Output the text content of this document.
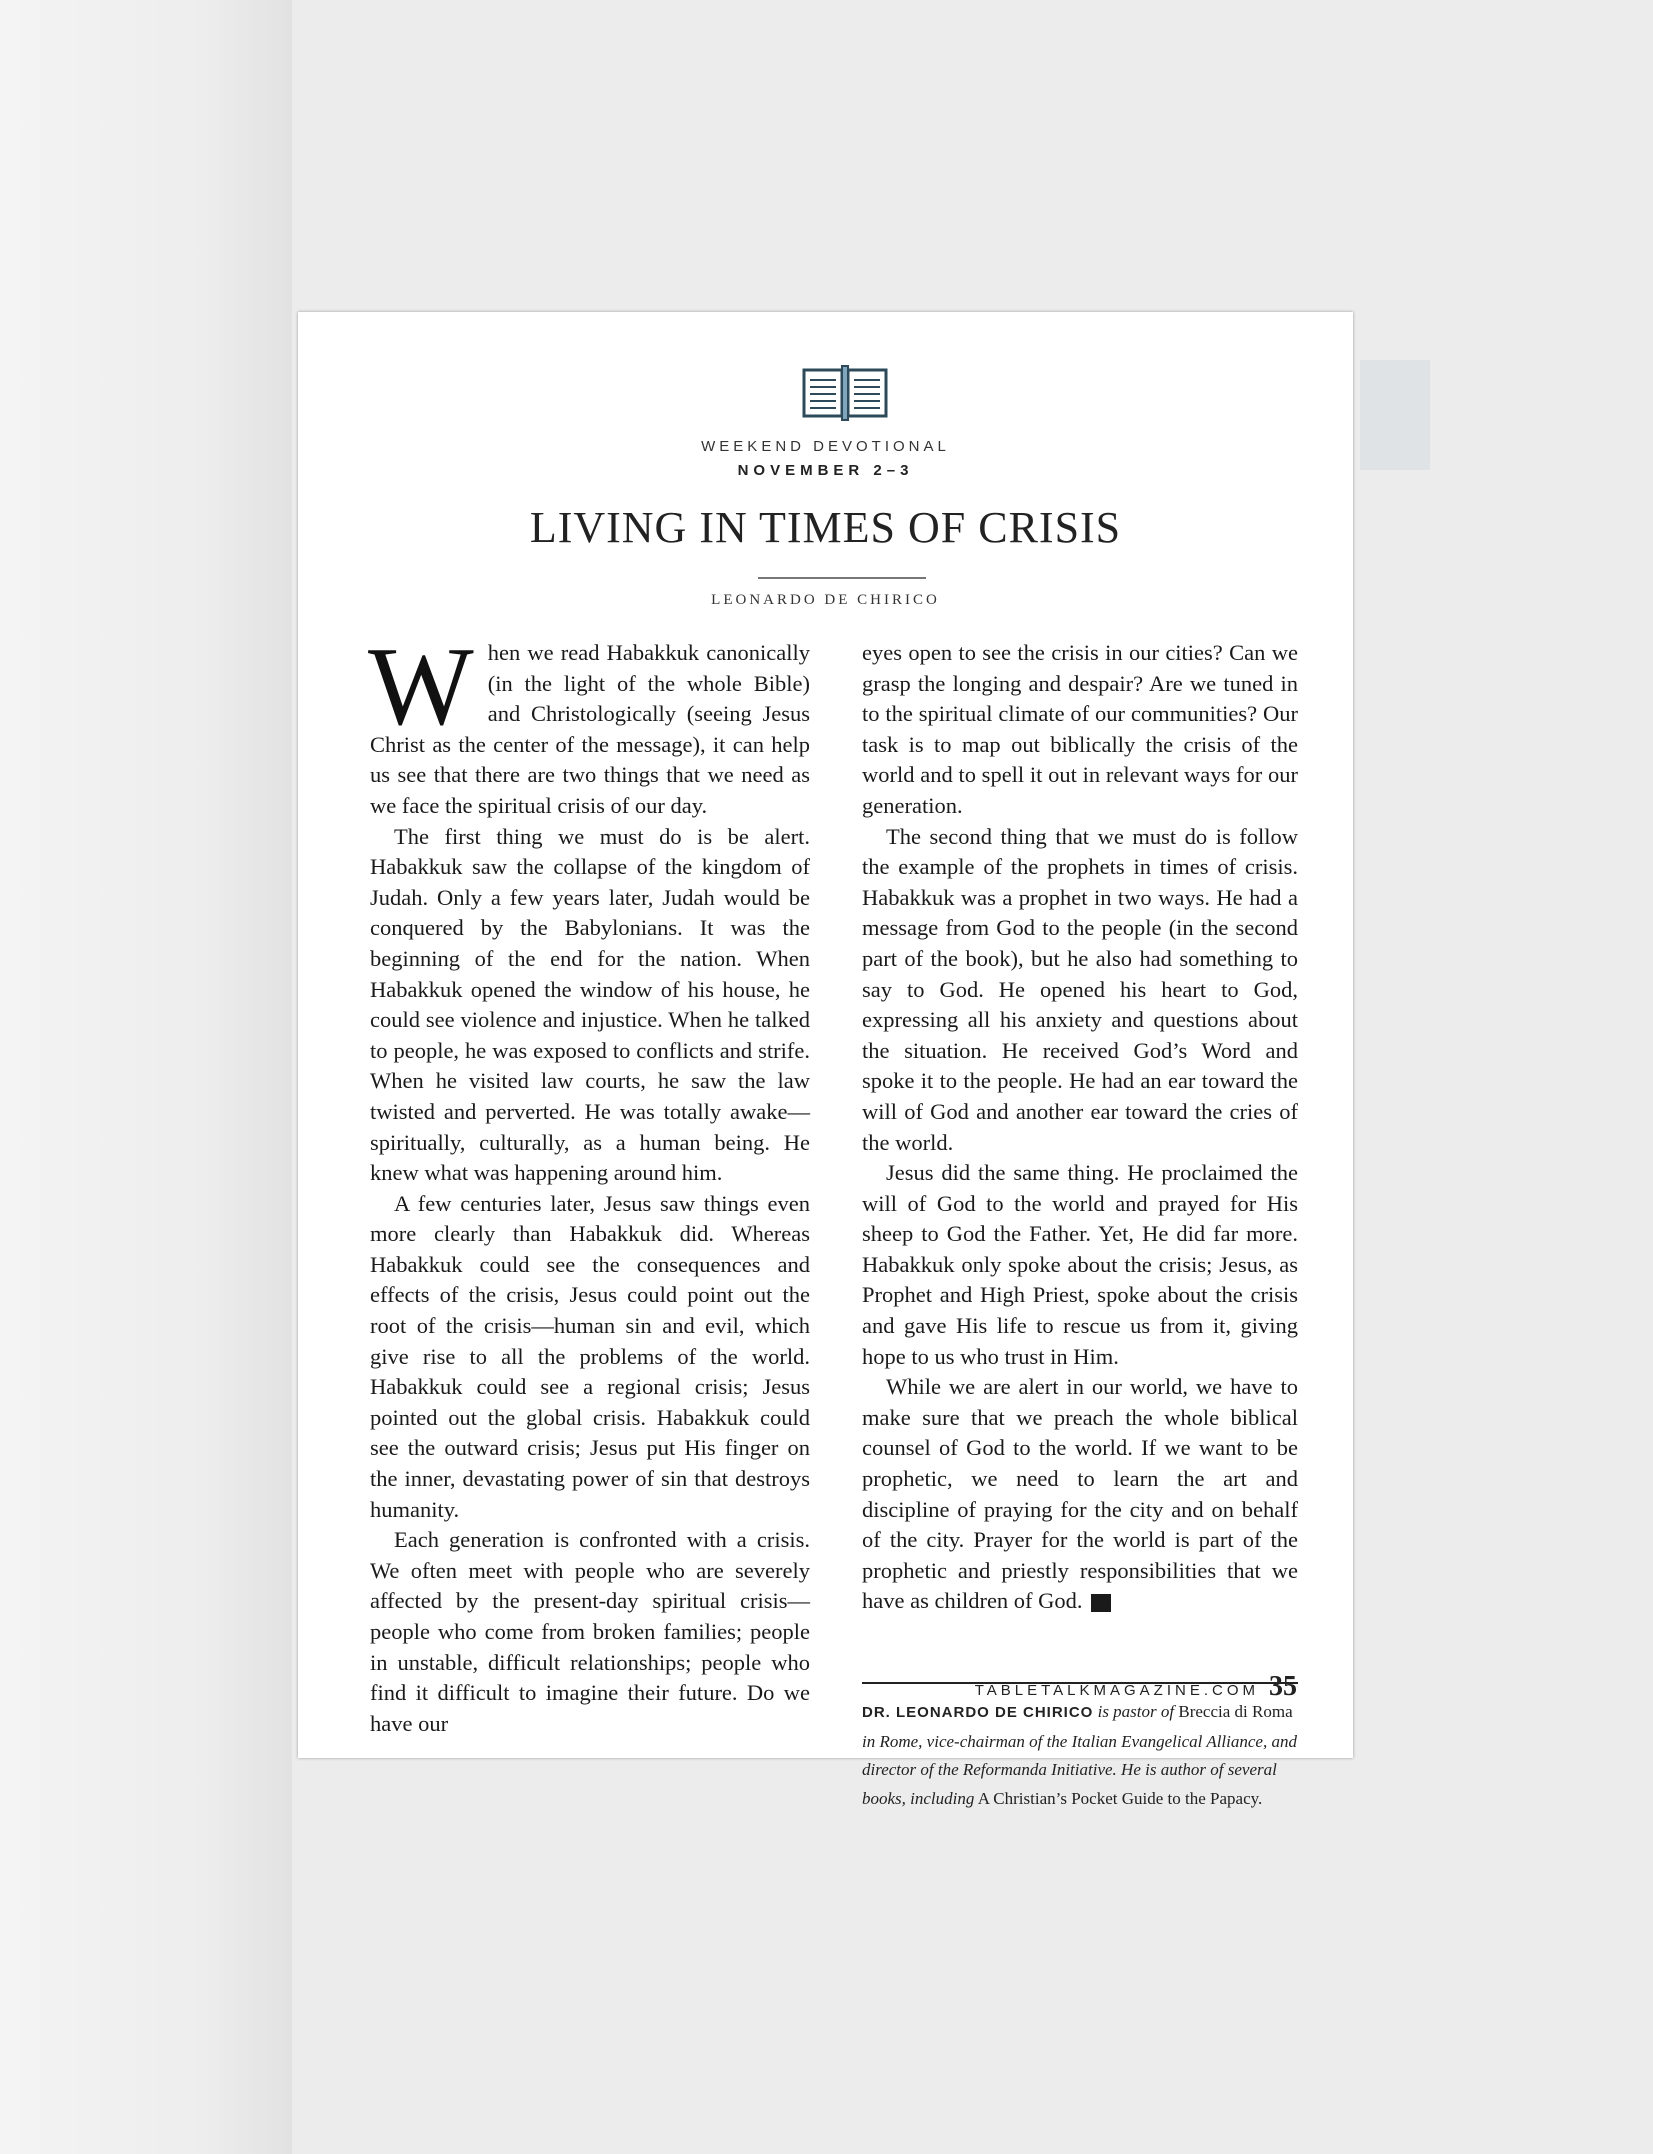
WEEKEND DEVOTIONAL
NOVEMBER 2–3
LIVING IN TIMES OF CRISIS
LEONARDO DE CHIRICO

When we read Habakkuk canonically (in the light of the whole Bible) and Christologically (seeing Jesus Christ as the center of the message), it can help us see that there are two things that we need as we face the spiritual crisis of our day.

The first thing we must do is be alert. Habakkuk saw the collapse of the kingdom of Judah. Only a few years later, Judah would be conquered by the Babylonians. It was the beginning of the end for the nation. When Habakkuk opened the window of his house, he could see violence and injustice. When he talked to people, he was exposed to conflicts and strife. When he visited law courts, he saw the law twisted and perverted. He was totally awake—spiritually, culturally, as a human being. He knew what was happening around him.

A few centuries later, Jesus saw things even more clearly than Habakkuk did. Whereas Habakkuk could see the consequences and effects of the crisis, Jesus could point out the root of the crisis—human sin and evil, which give rise to all the problems of the world. Habakkuk could see a regional crisis; Jesus pointed out the global crisis. Habakkuk could see the outward crisis; Jesus put His finger on the inner, devastating power of sin that destroys humanity.

Each generation is confronted with a crisis. We often meet with people who are severely affected by the present-day spiritual crisis—people who come from broken families; people in unstable, difficult relationships; people who find it difficult to imagine their future. Do we have our

eyes open to see the crisis in our cities? Can we grasp the longing and despair? Are we tuned in to the spiritual climate of our communities? Our task is to map out biblically the crisis of the world and to spell it out in relevant ways for our generation.

The second thing that we must do is follow the example of the prophets in times of crisis. Habakkuk was a prophet in two ways. He had a message from God to the people (in the second part of the book), but he also had something to say to God. He opened his heart to God, expressing all his anxiety and questions about the situation. He received God’s Word and spoke it to the people. He had an ear toward the will of God and another ear toward the cries of the world.

Jesus did the same thing. He proclaimed the will of God to the world and prayed for His sheep to God the Father. Yet, He did far more. Habakkuk only spoke about the crisis; Jesus, as Prophet and High Priest, spoke about the crisis and gave His life to rescue us from it, giving hope to us who trust in Him.

While we are alert in our world, we have to make sure that we preach the whole biblical counsel of God to the world. If we want to be prophetic, we need to learn the art and discipline of praying for the city and on behalf of the city. Prayer for the world is part of the prophetic and priestly responsibilities that we have as children of God. T

DR. LEONARDO DE CHIRICO is pastor of Breccia di Roma in Rome, vice-chairman of the Italian Evangelical Alliance, and director of the Reformanda Initiative. He is author of several books, including A Christian’s Pocket Guide to the Papacy.
TABLETALKMAGAZINE.COM 35
